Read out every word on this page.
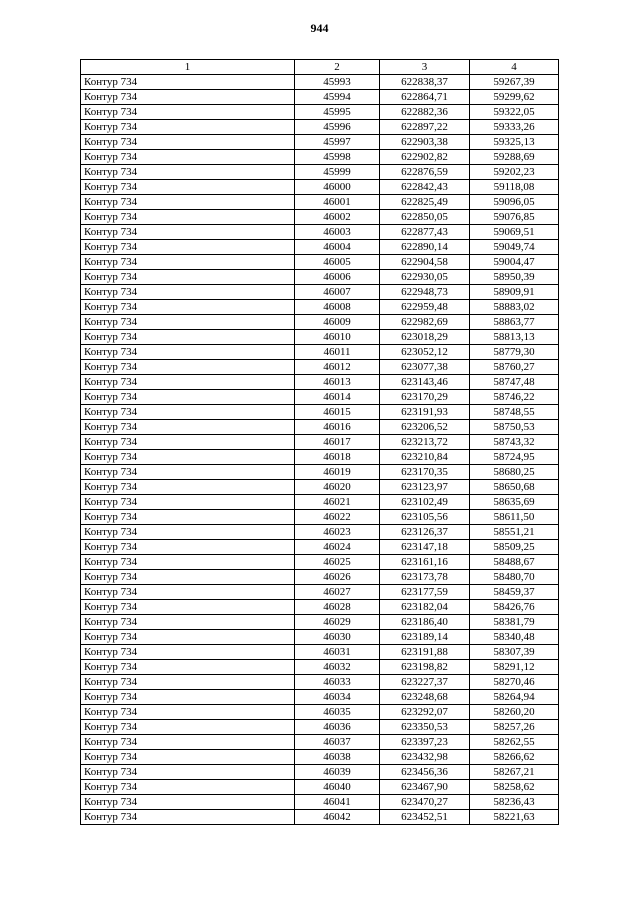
944
1	2	3	4
Контур 734	45993	622838,37	59267,39
Контур 734	45994	622864,71	59299,62
Контур 734	45995	622882,36	59322,05
Контур 734	45996	622897,22	59333,26
Контур 734	45997	622903,38	59325,13
Контур 734	45998	622902,82	59288,69
Контур 734	45999	622876,59	59202,23
Контур 734	46000	622842,43	59118,08
Контур 734	46001	622825,49	59096,05
Контур 734	46002	622850,05	59076,85
Контур 734	46003	622877,43	59069,51
Контур 734	46004	622890,14	59049,74
Контур 734	46005	622904,58	59004,47
Контур 734	46006	622930,05	58950,39
Контур 734	46007	622948,73	58909,91
Контур 734	46008	622959,48	58883,02
Контур 734	46009	622982,69	58863,77
Контур 734	46010	623018,29	58813,13
Контур 734	46011	623052,12	58779,30
Контур 734	46012	623077,38	58760,27
Контур 734	46013	623143,46	58747,48
Контур 734	46014	623170,29	58746,22
Контур 734	46015	623191,93	58748,55
Контур 734	46016	623206,52	58750,53
Контур 734	46017	623213,72	58743,32
Контур 734	46018	623210,84	58724,95
Контур 734	46019	623170,35	58680,25
Контур 734	46020	623123,97	58650,68
Контур 734	46021	623102,49	58635,69
Контур 734	46022	623105,56	58611,50
Контур 734	46023	623126,37	58551,21
Контур 734	46024	623147,18	58509,25
Контур 734	46025	623161,16	58488,67
Контур 734	46026	623173,78	58480,70
Контур 734	46027	623177,59	58459,37
Контур 734	46028	623182,04	58426,76
Контур 734	46029	623186,40	58381,79
Контур 734	46030	623189,14	58340,48
Контур 734	46031	623191,88	58307,39
Контур 734	46032	623198,82	58291,12
Контур 734	46033	623227,37	58270,46
Контур 734	46034	623248,68	58264,94
Контур 734	46035	623292,07	58260,20
Контур 734	46036	623350,53	58257,26
Контур 734	46037	623397,23	58262,55
Контур 734	46038	623432,98	58266,62
Контур 734	46039	623456,36	58267,21
Контур 734	46040	623467,90	58258,62
Контур 734	46041	623470,27	58236,43
Контур 734	46042	623452,51	58221,63
